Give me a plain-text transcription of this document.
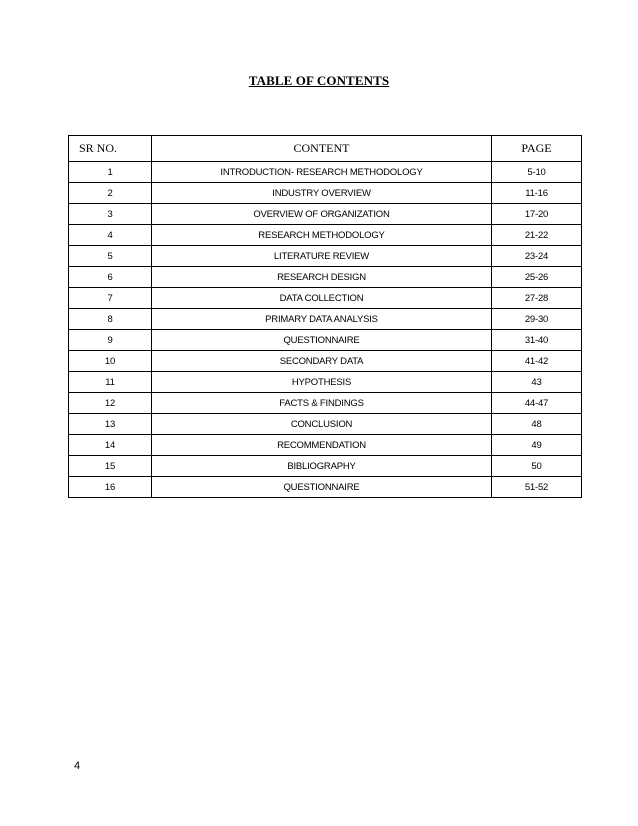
TABLE OF CONTENTS
SR NO.	CONTENT	PAGE
1	INTRODUCTION- RESEARCH METHODOLOGY	5-10
2	INDUSTRY OVERVIEW	11-16
3	OVERVIEW OF ORGANIZATION	17-20
4	RESEARCH METHODOLOGY	21-22
5	LITERATURE REVIEW	23-24
6	RESEARCH DESIGN	25-26
7	DATA COLLECTION	27-28
8	PRIMARY DATA ANALYSIS	29-30
9	QUESTIONNAIRE	31-40
10	SECONDARY DATA	41-42
11	HYPOTHESIS	43
12	FACTS & FINDINGS	44-47
13	CONCLUSION	48
14	RECOMMENDATION	49
15	BIBLIOGRAPHY	50
16	QUESTIONNAIRE	51-52
4
